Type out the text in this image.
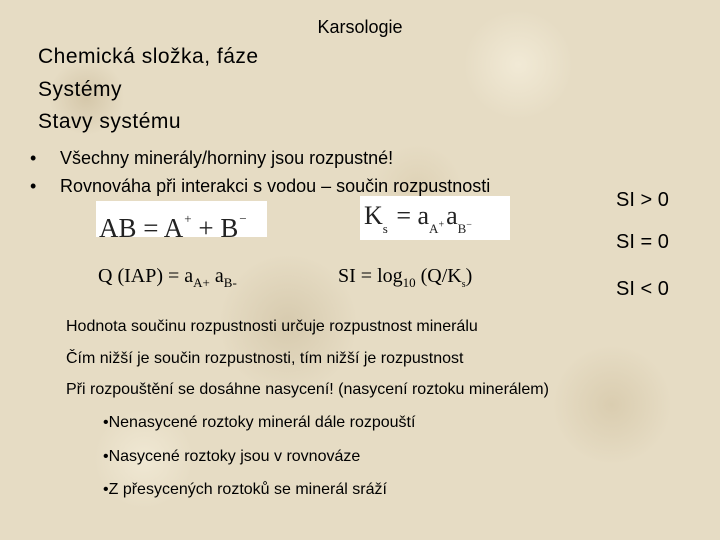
Karsologie
Chemická složka, fáze
Systémy
Stavy systému
• Všechny minerály/horniny jsou rozpustné!
• Rovnováha při interakci s vodou – součin rozpustnosti
AB = A+ + B−	$K_s = a_{A^+}a_{B^-}$
Q $(IAP) = a_{A+}$ $a_{B-}$	SI = $\log_{10} (Q/K_s)$
SI > 0
SI = 0
SI < 0
Hodnota součinu rozpustnosti určuje rozpustnost minerálu
Čím nižší je součin rozpustnosti, tím nižší je rozpustnost
Při rozpouštění se dosáhne nasycení! (nasycení roztoku minerálem)
•Nenasycené roztoky minerál dále rozpouští
•Nasycené roztoky jsou v rovnováze
•Z přesycených roztoků se minerál sráží
